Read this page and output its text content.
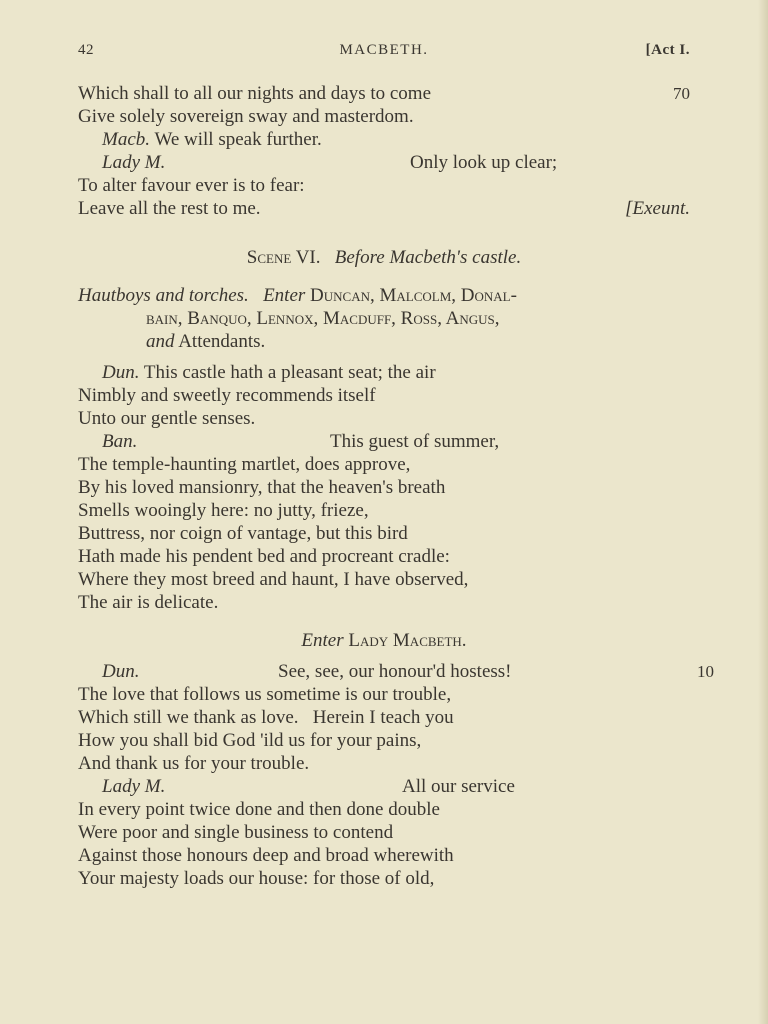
42	MACBETH.	[Act I.
Which shall to all our nights and days to come	70
Give solely sovereign sway and masterdom.
Macb. We will speak further.
Lady M.	Only look up clear;
To alter favour ever is to fear:
Leave all the rest to me.	[Exeunt.
Scene VI. Before Macbeth's castle.
Hautboys and torches. Enter Duncan, Malcolm, Donal-
bain, Banquo, Lennox, Macduff, Ross, Angus,
and Attendants.
Dun. This castle hath a pleasant seat; the air
Nimbly and sweetly recommends itself
Unto our gentle senses.
Ban.	This guest of summer,
The temple-haunting martlet, does approve,
By his loved mansionry, that the heaven's breath
Smells wooingly here: no jutty, frieze,
Buttress, nor coign of vantage, but this bird
Hath made his pendent bed and procreant cradle:
Where they most breed and haunt, I have observed,
The air is delicate.
Enter Lady Macbeth.
Dun.	See, see, our honour'd hostess!	10
The love that follows us sometime is our trouble,
Which still we thank as love.   Herein I teach you
How you shall bid God 'ild us for your pains,
And thank us for your trouble.
Lady M.	All our service
In every point twice done and then done double
Were poor and single business to contend
Against those honours deep and broad wherewith
Your majesty loads our house: for those of old,
